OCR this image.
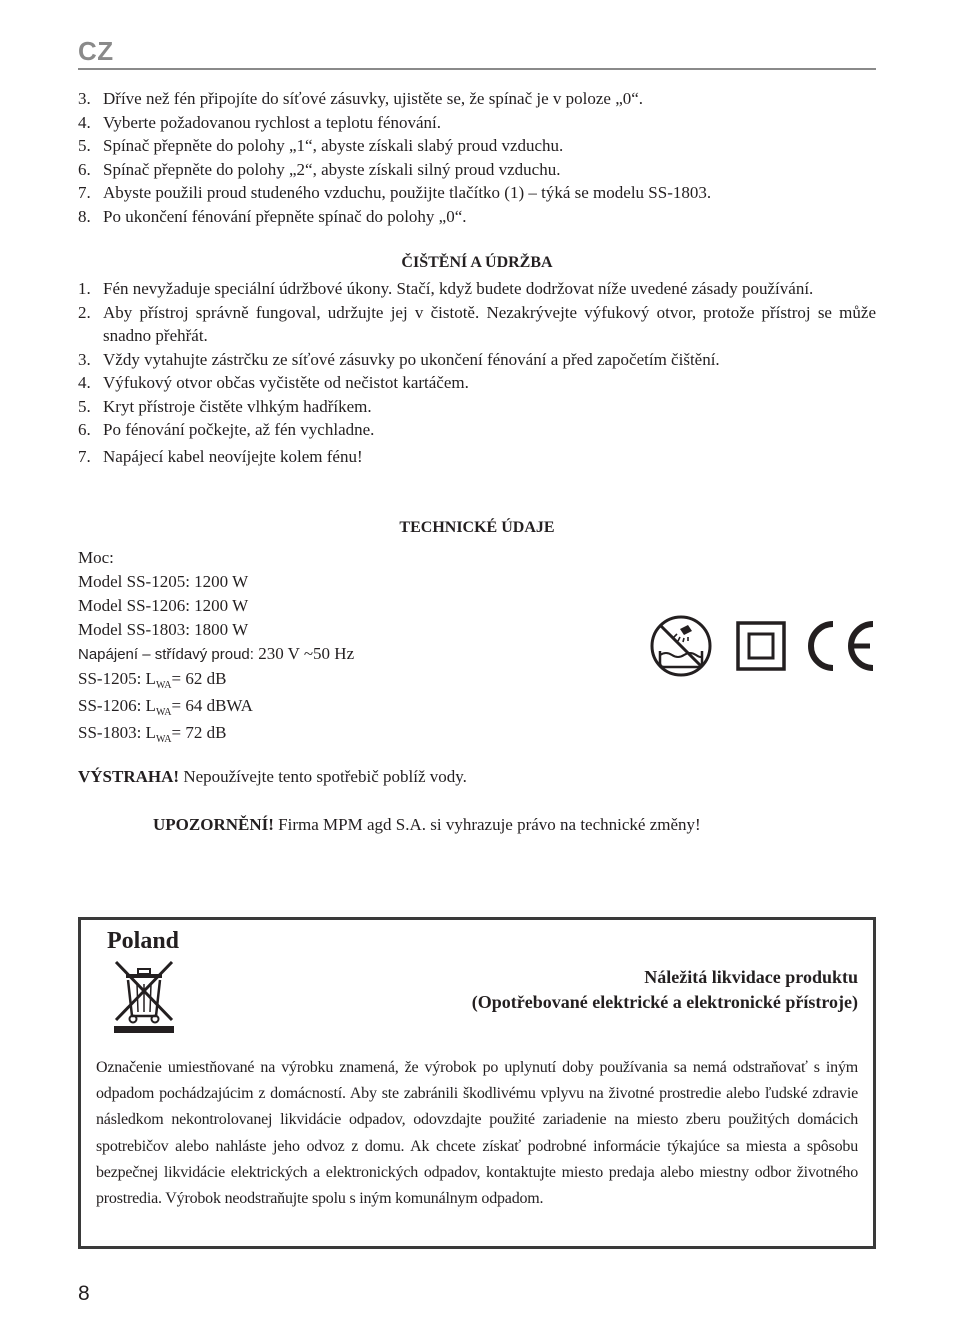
CZ
3. Dříve než fén připojíte do síťové zásuvky, ujistěte se, že spínač je v poloze „0“.
4. Vyberte požadovanou rychlost a teplotu fénování.
5. Spínač přepněte do polohy „1“, abyste získali slabý proud vzduchu.
6. Spínač přepněte do polohy „2“, abyste získali silný proud vzduchu.
7. Abyste použili proud studeného vzduchu, použijte tlačítko (1) – týká se modelu SS-1803.
8. Po ukončení fénování přepněte spínač do polohy „0“.
ČIŠTĚNÍ A ÚDRŽBA
1. Fén nevyžaduje speciální údržbové úkony. Stačí, když budete dodržovat níže uvedené zásady používání.
2. Aby přístroj správně fungoval, udržujte jej v čistotě. Nezakrývejte výfukový otvor, protože přístroj se může snadno přehřát.
3. Vždy vytahujte zástrčku ze síťové zásuvky po ukončení fénování a před započetím čištění.
4. Výfukový otvor občas vyčistěte od nečistot kartáčem.
5. Kryt přístroje čistěte vlhkým hadříkem.
6. Po fénování počkejte, až fén vychladne.
7. Napájecí kabel neovíjejte kolem fénu!
TECHNICKÉ ÚDAJE
Moc:
Model SS-1205: 1200 W
Model SS-1206: 1200 W
Model SS-1803: 1800 W
Napájení – střídavý proud: 230 V ~50 Hz
SS-1205: $L_{WA}= 62$ dB
SS-1206: $L_{WA}= 64$ dBWA
SS-1803: $L_{WA}= 72$ dB
VÝSTRAHA! Nepoužívejte tento spotřebič poblíž vody.
UPOZORNĚNÍ! Firma MPM agd S.A. si vyhrazuje právo na technické změny!
Poland
Náležitá likvidace produktu
(Opotřebované elektrické a elektronické přístroje)
Označenie umiestňované na výrobku znamená, že výrobok po uplynutí doby používania sa nemá odstraňovať s iným odpadom pochádzajúcim z domácností. Aby ste zabránili škodlivému vplyvu na životné prostredie alebo ľudské zdravie následkom nekontrolovanej likvidácie odpadov, odovzdajte použité zariadenie na miesto zberu použitých domácich spotrebičov alebo nahláste jeho odvoz z domu. Ak chcete získať podrobné informácie týkajúce sa miesta a spôsobu bezpečnej likvidácie elektrických a elektronických odpadov, kontaktujte miesto predaja alebo miestny odbor životného prostredia. Výrobok neodstraňujte spolu s iným komunálnym odpadom.
8
